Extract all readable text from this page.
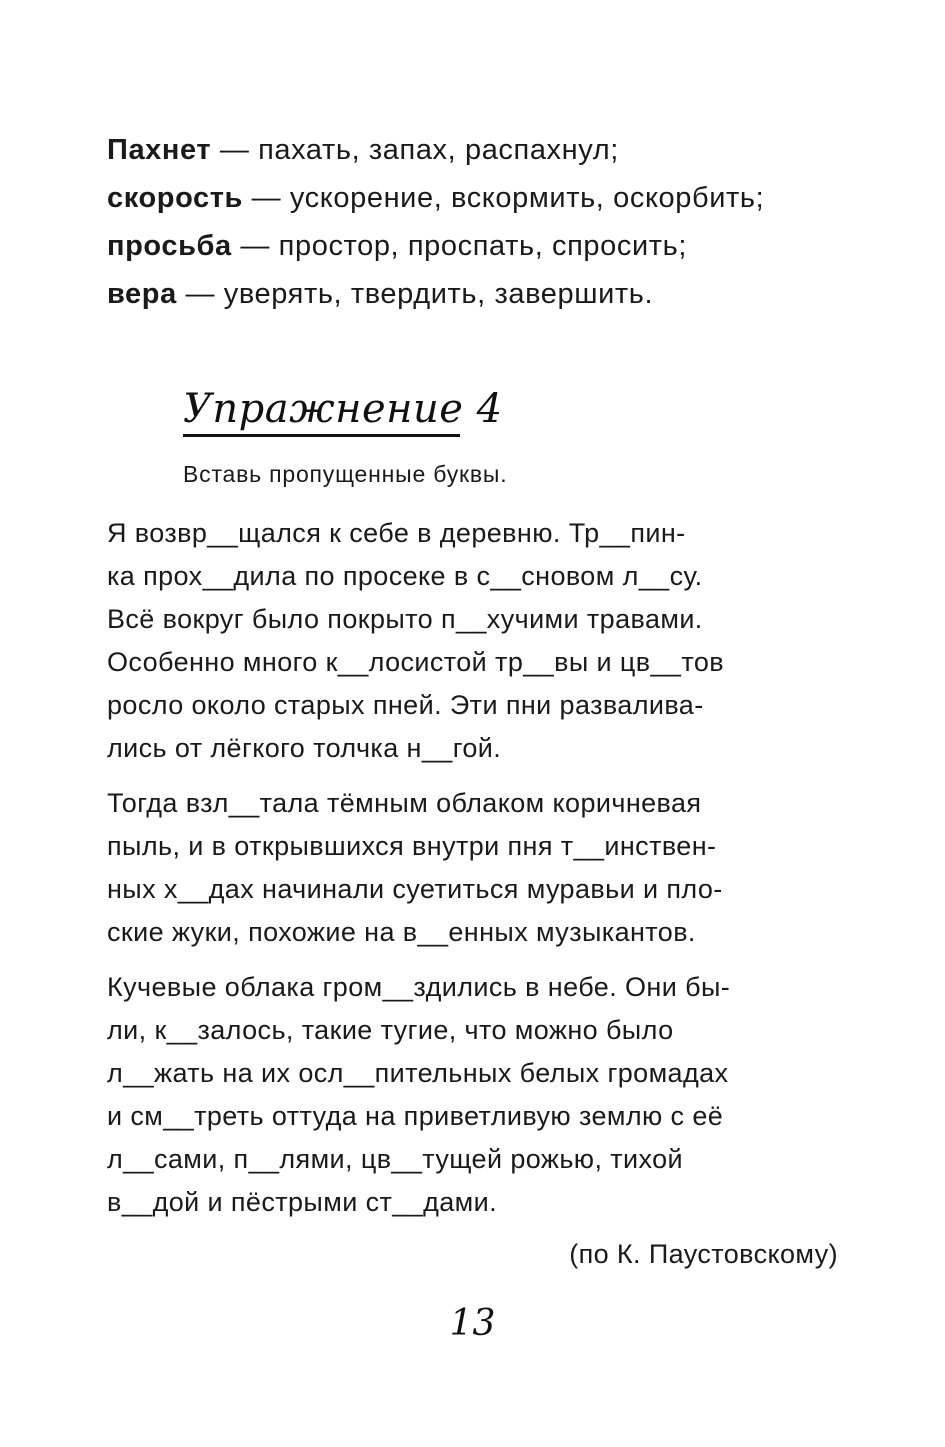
Пахнет — пахать, запах, распахнул;
скорость — ускорение, вскормить, оскорбить;
просьба — простор, проспать, спросить;
вера — уверять, твердить, завершить.
Упражнение 4
Вставь пропущенные буквы.
Я возвр__щался к себе в деревню. Тр__пин-
ка прох__дила по просеке в с__сновом л__су.
Всё вокруг было покрыто п__хучими травами.
Особенно много к__лосистой тр__вы и цв__тов
росло около старых пней. Эти пни развалива-
лись от лёгкого толчка н__гой.
Тогда взл__тала тёмным облаком коричневая
пыль, и в открывшихся внутри пня т__инствен-
ных х__дах начинали суетиться муравьи и пло-
ские жуки, похожие на в__енных музыкантов.
Кучевые облака гром__здились в небе. Они бы-
ли, к__залось, такие тугие, что можно было
л__жать на их осл__пительных белых громадах
и см__треть оттуда на приветливую землю с её
л__сами, п__лями, цв__тущей рожью, тихой
в__дой и пёстрыми ст__дами.
(по К. Паустовскому)
13
